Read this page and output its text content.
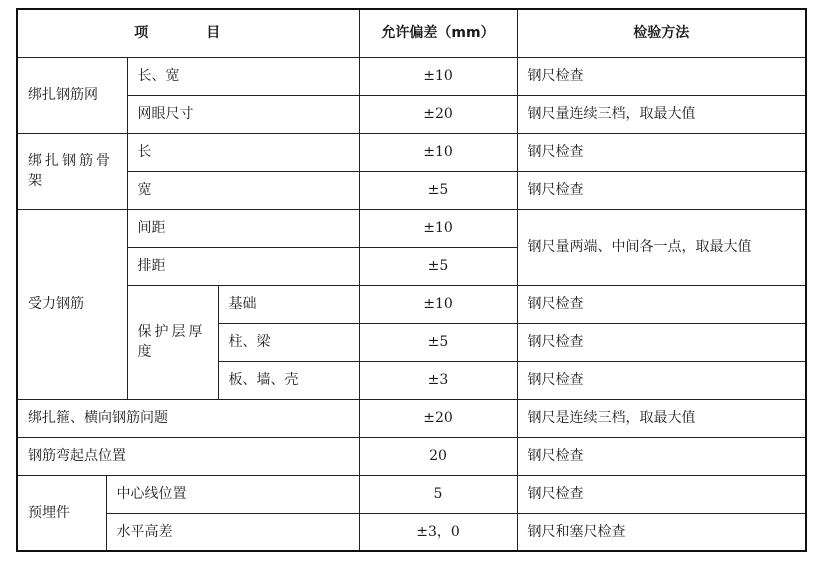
项　目				允许偏差（mm）	检验方法
绑扎钢筋网		长、宽		±10	钢尺检查
		网眼尺寸		±20	钢尺量连续三档，取最大值
绑扎钢筋骨架		长		±10	钢尺检查
		宽		±5	钢尺检查
受力钢筋		间距		±10	钢尺量两端、中间各一点，取最大值
		排距		±5	
		保护层厚度	基础	±10	钢尺检查
			柱、梁	±5	钢尺检查
			板、墙、壳	±3	钢尺检查
绑扎箍、横向钢筋问题				±20	钢尺是连续三档，取最大值
钢筋弯起点位置				20	钢尺检查
预埋件	中心线位置			5	钢尺检查
	水平高差			±3，0	钢尺和塞尺检查
